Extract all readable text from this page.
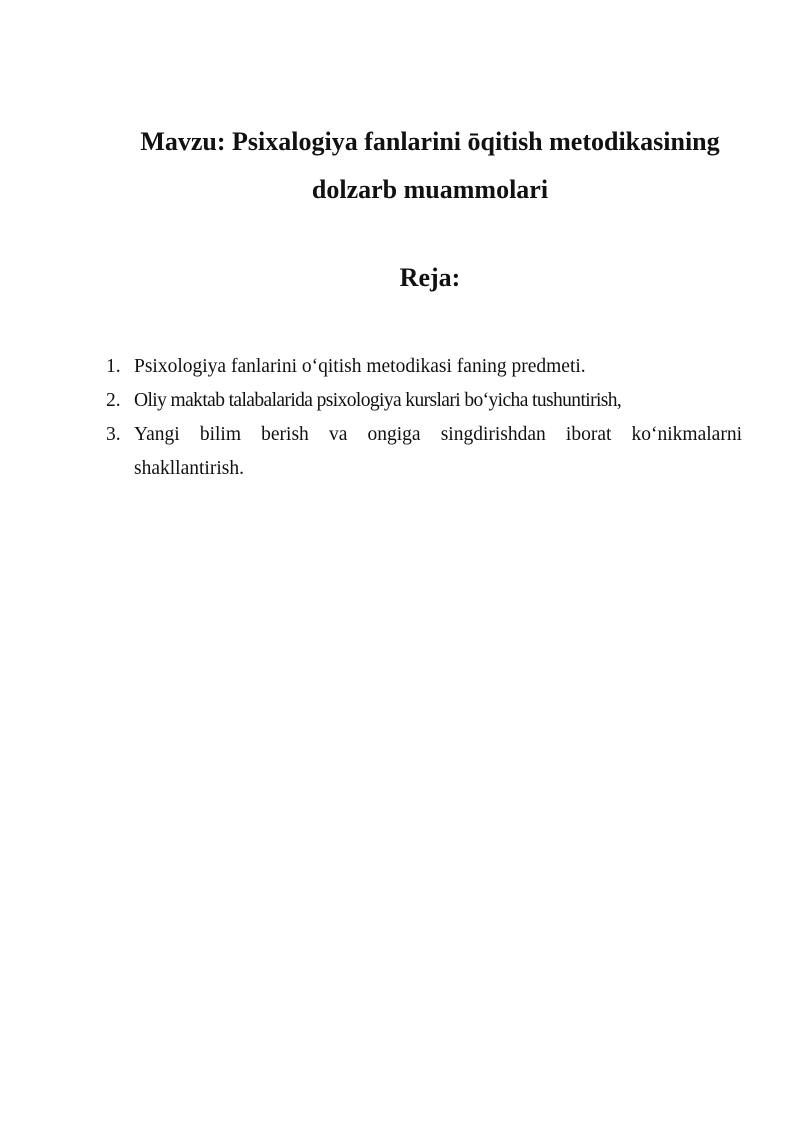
Mavzu: Psixalogiya fanlarini ōqitish metodikasining dolzarb muammolari
Reja:
1. Psixologiya fanlarini o‘qitish metodikasi faning predmeti.
2. Oliy maktab talabalarida psixologiya kurslari bo‘yicha tushuntirish,
3. Yangi bilim berish va ongiga singdirishdan iborat ko‘nikmalarni shakllantirish.
